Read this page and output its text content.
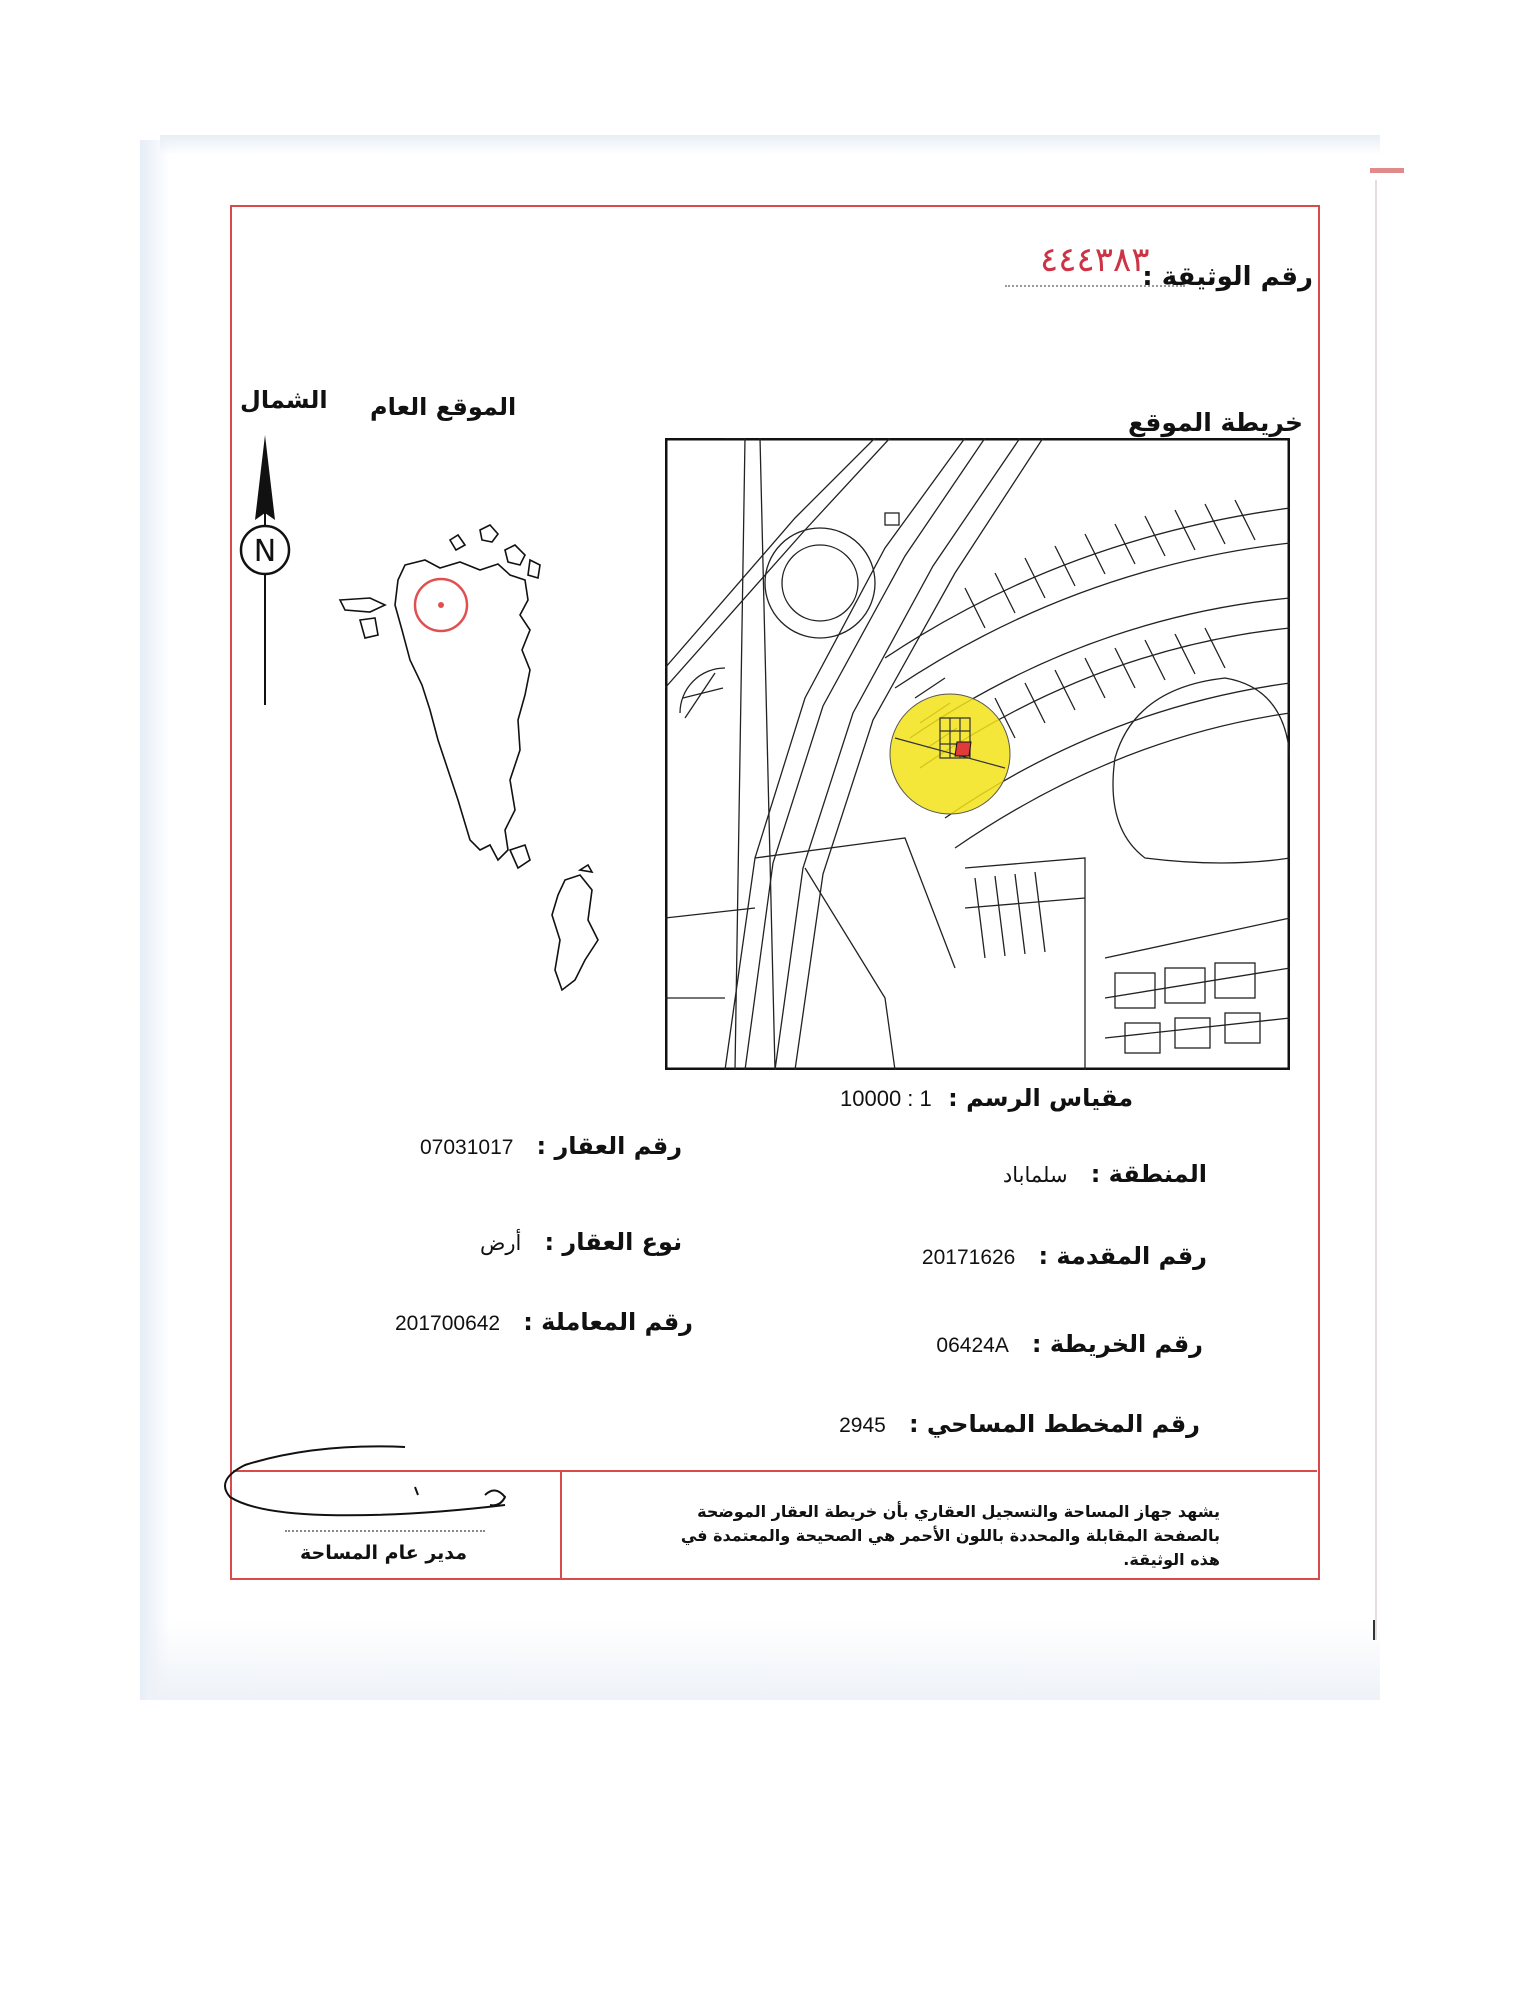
رقم الوثيقة :
٤٤٤٣٨٣
خريطة الموقع
الموقع العام
الشمال
N
مقياس الرسم : 1 : 10000
رقم العقار : 07031017
نوع العقار : أرض
رقم المعاملة : 201700642
المنطقة : سلماباد
رقم المقدمة : 20171626
رقم الخريطة : 06424A
رقم المخطط المساحي : 2945
يشهد جهاز المساحة والتسجيل العقاري بأن خريطة العقار الموضحة بالصفحة المقابلة والمحددة باللون الأحمر هي الصحيحة والمعتمدة في هذه الوثيقة.
مدير عام المساحة
